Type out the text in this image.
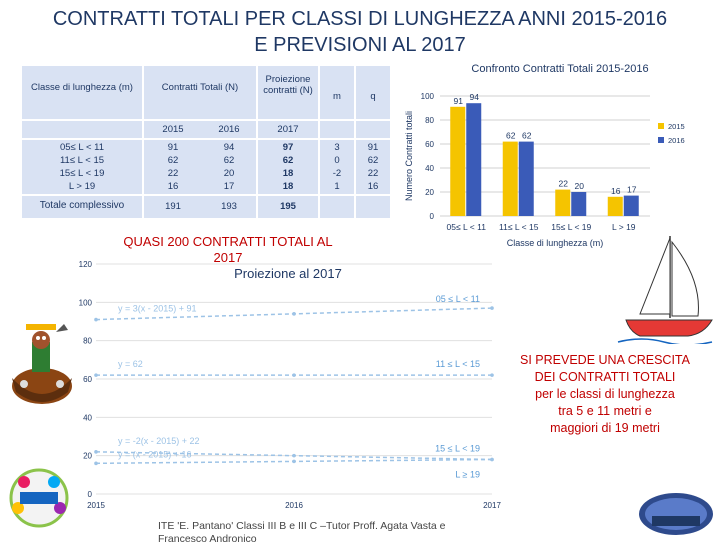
CONTRATTI TOTALI PER CLASSI DI LUNGHEZZA ANNI 2015-2016
E PREVISIONI AL 2017
Classe di lunghezza (m)	Contratti Totali (N)
Proiezione contratti (N)
m	q
2015	2016	2017
05≤ L < 11	91	94	97	3	91
11≤ L < 15	62	62	62	0	62
15≤ L < 19	22	20	18	-2	22
L > 19	16	17	18	1	16
Totale complessivo	191	193	195
Confronto Contratti Totali 2015-2016
Numero Contratti totali
0
20
40
60
80
100 91 94
05≤ L < 11
62 62
11≤ L < 15
22 20
15≤ L < 19
16 17
L > 19
Classe di lunghezza (m)
2015
2016
QUASI 200 CONTRATTI TOTALI AL
2017
Proiezione al 2017
0
20
40
60
80
100
120
2015	2016	2017
y = 3(x - 2015) + 91
05 ≤ L < 11
y = 62	11 ≤ L < 15
y = -2(x - 2015) + 22
15 ≤ L < 19
y = (x - 2015) + 16
L ≥ 19
SI PREVEDE UNA CRESCITA
DEI CONTRATTI TOTALI
per le classi di lunghezza
tra 5 e 11 metri e
maggiori di 19 metri
ITE 'E. Pantano' Classi III B e III C –Tutor Proff. Agata Vasta e
Francesco Andronico
